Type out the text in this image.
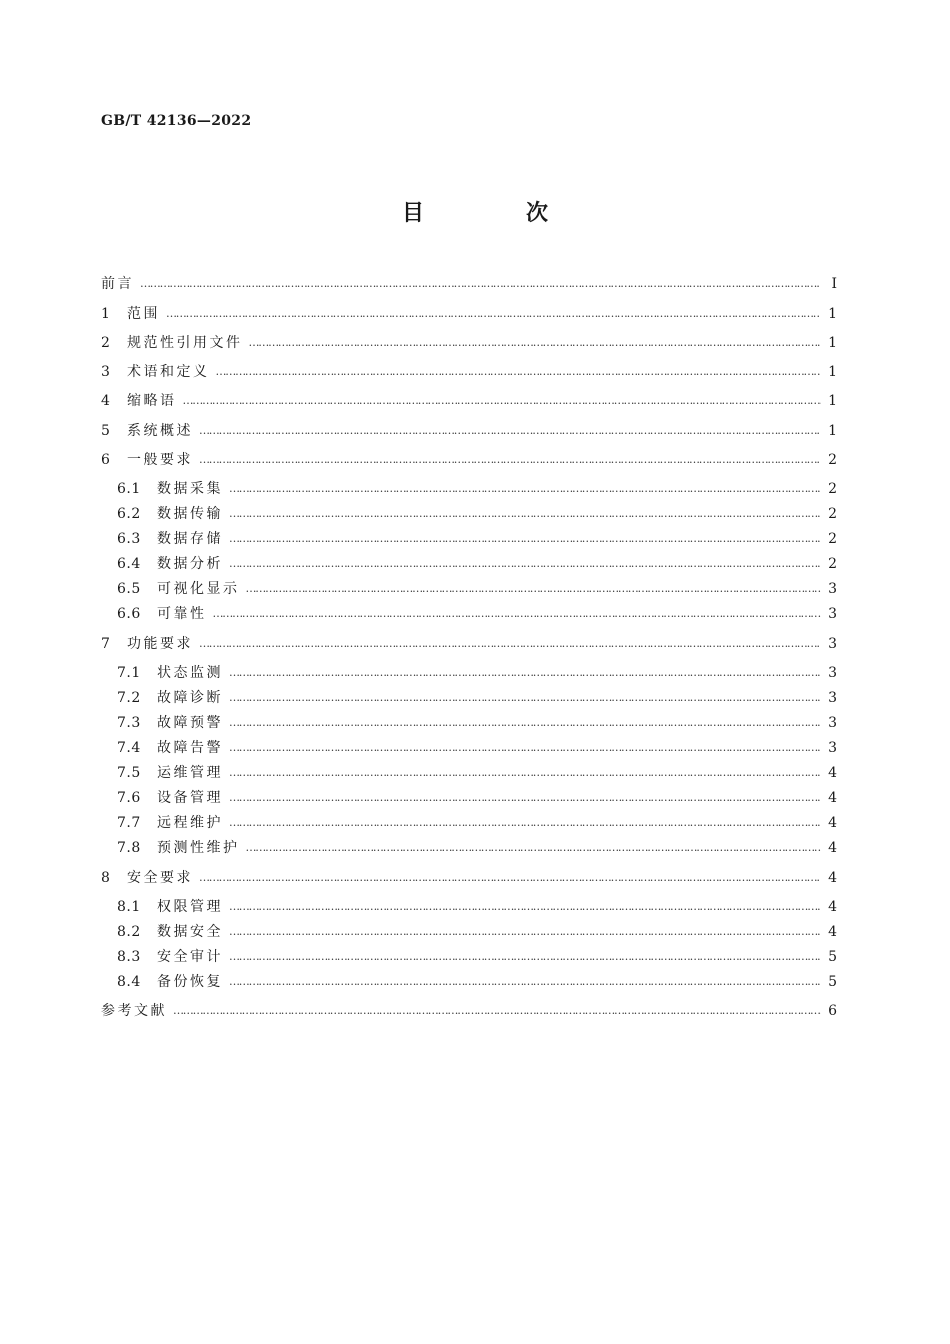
GB/T 42136—2022
目　次
前言 ………………………………………………………………………………………………………………………………………………………………………………………………………………………………	Ⅰ
1	范围 ………………………………………………………………………………………………………………………………………………………………………………………………………………………………	1
2	规范性引用文件 ………………………………………………………………………………………………………………………………………………………………………………………………………………………………	1
3	术语和定义 ………………………………………………………………………………………………………………………………………………………………………………………………………………………………	1
4	缩略语 ………………………………………………………………………………………………………………………………………………………………………………………………………………………………	1
5	系统概述 ………………………………………………………………………………………………………………………………………………………………………………………………………………………………	1
6	一般要求 ………………………………………………………………………………………………………………………………………………………………………………………………………………………………	2
6.1	数据采集 ………………………………………………………………………………………………………………………………………………………………………………………………………………………………	2
6.2	数据传输 ………………………………………………………………………………………………………………………………………………………………………………………………………………………………	2
6.3	数据存储 ………………………………………………………………………………………………………………………………………………………………………………………………………………………………	2
6.4	数据分析 ………………………………………………………………………………………………………………………………………………………………………………………………………………………………	2
6.5	可视化显示 ………………………………………………………………………………………………………………………………………………………………………………………………………………………………	3
6.6	可靠性 ………………………………………………………………………………………………………………………………………………………………………………………………………………………………	3
7	功能要求 ………………………………………………………………………………………………………………………………………………………………………………………………………………………………	3
7.1	状态监测 ………………………………………………………………………………………………………………………………………………………………………………………………………………………………	3
7.2	故障诊断 ………………………………………………………………………………………………………………………………………………………………………………………………………………………………	3
7.3	故障预警 ………………………………………………………………………………………………………………………………………………………………………………………………………………………………	3
7.4	故障告警 ………………………………………………………………………………………………………………………………………………………………………………………………………………………………	3
7.5	运维管理 ………………………………………………………………………………………………………………………………………………………………………………………………………………………………	4
7.6	设备管理 ………………………………………………………………………………………………………………………………………………………………………………………………………………………………	4
7.7	远程维护 ………………………………………………………………………………………………………………………………………………………………………………………………………………………………	4
7.8	预测性维护 ………………………………………………………………………………………………………………………………………………………………………………………………………………………………	4
8	安全要求 ………………………………………………………………………………………………………………………………………………………………………………………………………………………………	4
8.1	权限管理 ………………………………………………………………………………………………………………………………………………………………………………………………………………………………	4
8.2	数据安全 ………………………………………………………………………………………………………………………………………………………………………………………………………………………………	4
8.3	安全审计 ………………………………………………………………………………………………………………………………………………………………………………………………………………………………	5
8.4	备份恢复 ………………………………………………………………………………………………………………………………………………………………………………………………………………………………	5
参考文献 ………………………………………………………………………………………………………………………………………………………………………………………………………………………………	6
